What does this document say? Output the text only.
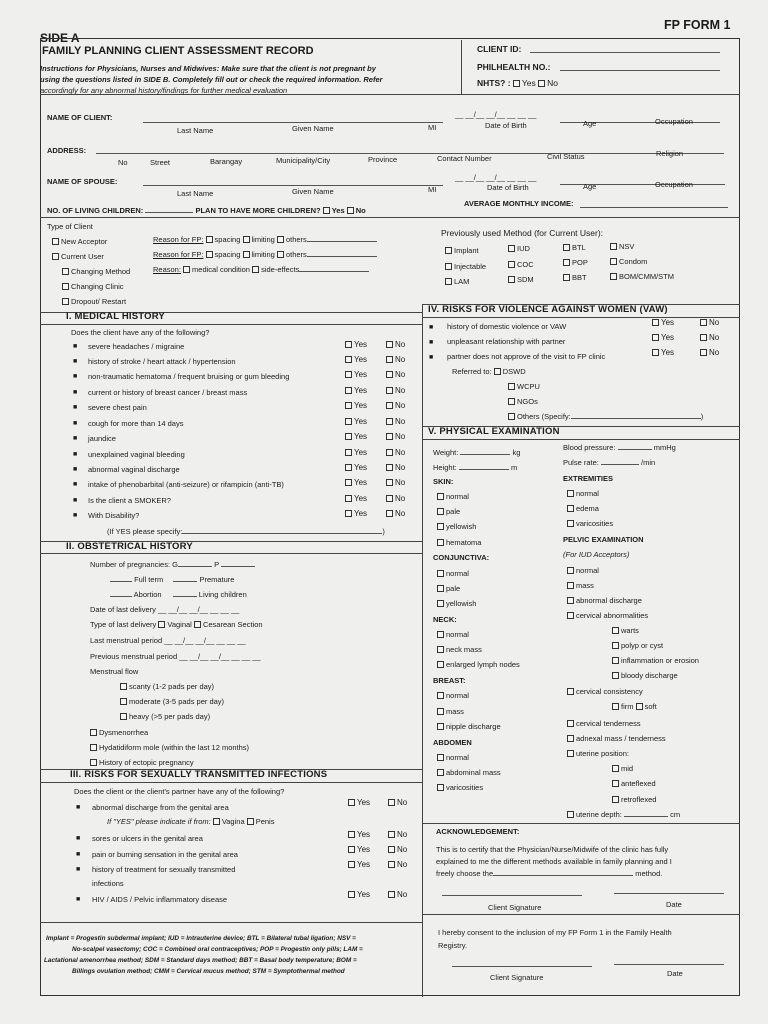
SIDE A
FP FORM 1
FAMILY PLANNING CLIENT ASSESSMENT RECORD
Instructions for Physicians, Nurses and Midwives: Make sure that the client is not pregnant by
using the questions listed in SIDE B. Completely fill out or check the required information. Refer
accordingly for any abnormal history/findings for further medical evaluation
CLIENT ID:
PHILHEALTH NO.:
NHTS? : Yes No
NAME OF CLIENT:	__ __/__ __/__ __ __ __
Last Name	Given Name	MI	Date of Birth	Age	Occupation
ADDRESS:
No	Street	Barangay	Municipality/City	Province	Contact Number	Civil Status	Religion
NAME OF SPOUSE:	__ __/__ __/__ __ __ __
Last Name	Given Name	MI	Date of Birth	Age	Occupation
NO. OF LIVING CHILDREN:	PLAN TO HAVE MORE CHILDREN? Yes No
AVERAGE MONTHLY INCOME:
Type of Client
New Acceptor
Current User
Changing Method
Changing Clinic
Dropout/ Restart
Reason for FP: spacing limiting others
Reason for FP: spacing limiting others
Reason: medical condition side-effects
Previously used Method (for Current User):
Implant	IUD	BTL	NSV
Injectable	COC	POP	Condom
LAM	SDM	BBT	BOM/CMM/STM
I. MEDICAL HISTORY
Does the client have any of the following?
(If YES please specify:	)
II. OBSTETRICAL HISTORY
Number of pregnancies: G	P
Full term	Premature
Abortion	Living children
Date of last delivery __ __/__ __/__ __ __ __
Type of last delivery Vaginal Cesarean Section
Last menstrual period __ __/__ __/__ __ __ __
Previous menstrual period __ __/__ __/__ __ __ __
Menstrual flow
scanty (1-2 pads per day)
moderate (3-5 pads per day)
heavy (>5 per pads day)
Dysmenorrhea
Hydatidiform mole (within the last 12 months)
History of ectopic pregnancy
III. RISKS FOR SEXUALLY TRANSMITTED INFECTIONS
Does the client or the client's partner have any of the following?
■ abnormal discharge from the genital area
Yes	No
If "YES" please indicate if from: Vagina Penis
■ sores or ulcers in the genital area	Yes	No
■ pain or burning sensation in the genital area
Yes	No
■ history of treatment for sexually transmitted
infections
Yes	No
■ HIV / AIDS / Pelvic inflammatory disease
Yes	No
Implant = Progestin subdermal implant; IUD = Intrauterine device; BTL = Bilateral tubal ligation; NSV =
No-scalpel vasectomy; COC = Combined oral contraceptives; POP = Progestin only pills; LAM =
Lactational amenorrhea method; SDM = Standard days method; BBT = Basal body temperature; BOM =
Billings ovulation method; CMM = Cervical mucus method; STM = Symptothermal method
IV. RISKS FOR VIOLENCE AGAINST WOMEN (VAW)
■ history of domestic violence or VAW	Yes	No
■ unpleasant relationship with partner	Yes	No
■ partner does not approve of the visit to FP clinic	Yes	No
Referred to: DSWD
WCPU
NGOs
Others (Specify:	)
V. PHYSICAL EXAMINATION
Weight:	kg
Height:	m
Blood pressure:	mmHg
Pulse rate:	/min
ACKNOWLEDGEMENT:
This is to certify that the Physician/Nurse/Midwife of the clinic has fully
explained to me the different methods available in family planning and I
freely choose the	method.
Client Signature	Date
I hereby consent to the inclusion of my FP Form 1 in the Family Health
Registry.
Client Signature	Date
■ severe headaches / migraine	Yes	No
■ history of stroke / heart attack / hypertension	Yes	No
■ non-traumatic hematoma / frequent bruising or gum bleeding	Yes	No
■ current or history of breast cancer / breast mass	Yes	No
■ severe chest pain	Yes	No
■ cough for more than 14 days	Yes	No
■ jaundice	Yes	No
■ unexplained vaginal bleeding	Yes	No
■ abnormal vaginal discharge	Yes	No
■ intake of phenobarbital (anti-seizure) or rifampicin (anti-TB)	Yes	No
■ Is the client a SMOKER?	Yes	No
■ With Disability?	Yes	No
SKIN:
normal
pale
yellowish
hematoma
CONJUNCTIVA:
normal
pale
yellowish
NECK:
normal
neck mass
enlarged lymph nodes
BREAST:
normal
mass
nipple discharge
ABDOMEN
normal
abdominal mass
varicosities
EXTREMITIES
normal
edema
varicosities
PELVIC EXAMINATION
(For IUD Acceptors)
normal
mass
abnormal discharge
cervical abnormalities
warts
polyp or cyst
inflammation or erosion
bloody discharge
cervical consistency
cervical tenderness
adnexal mass / tenderness
uterine position:
mid
anteflexed
retroflexed
firm soft
uterine depth:	cm
